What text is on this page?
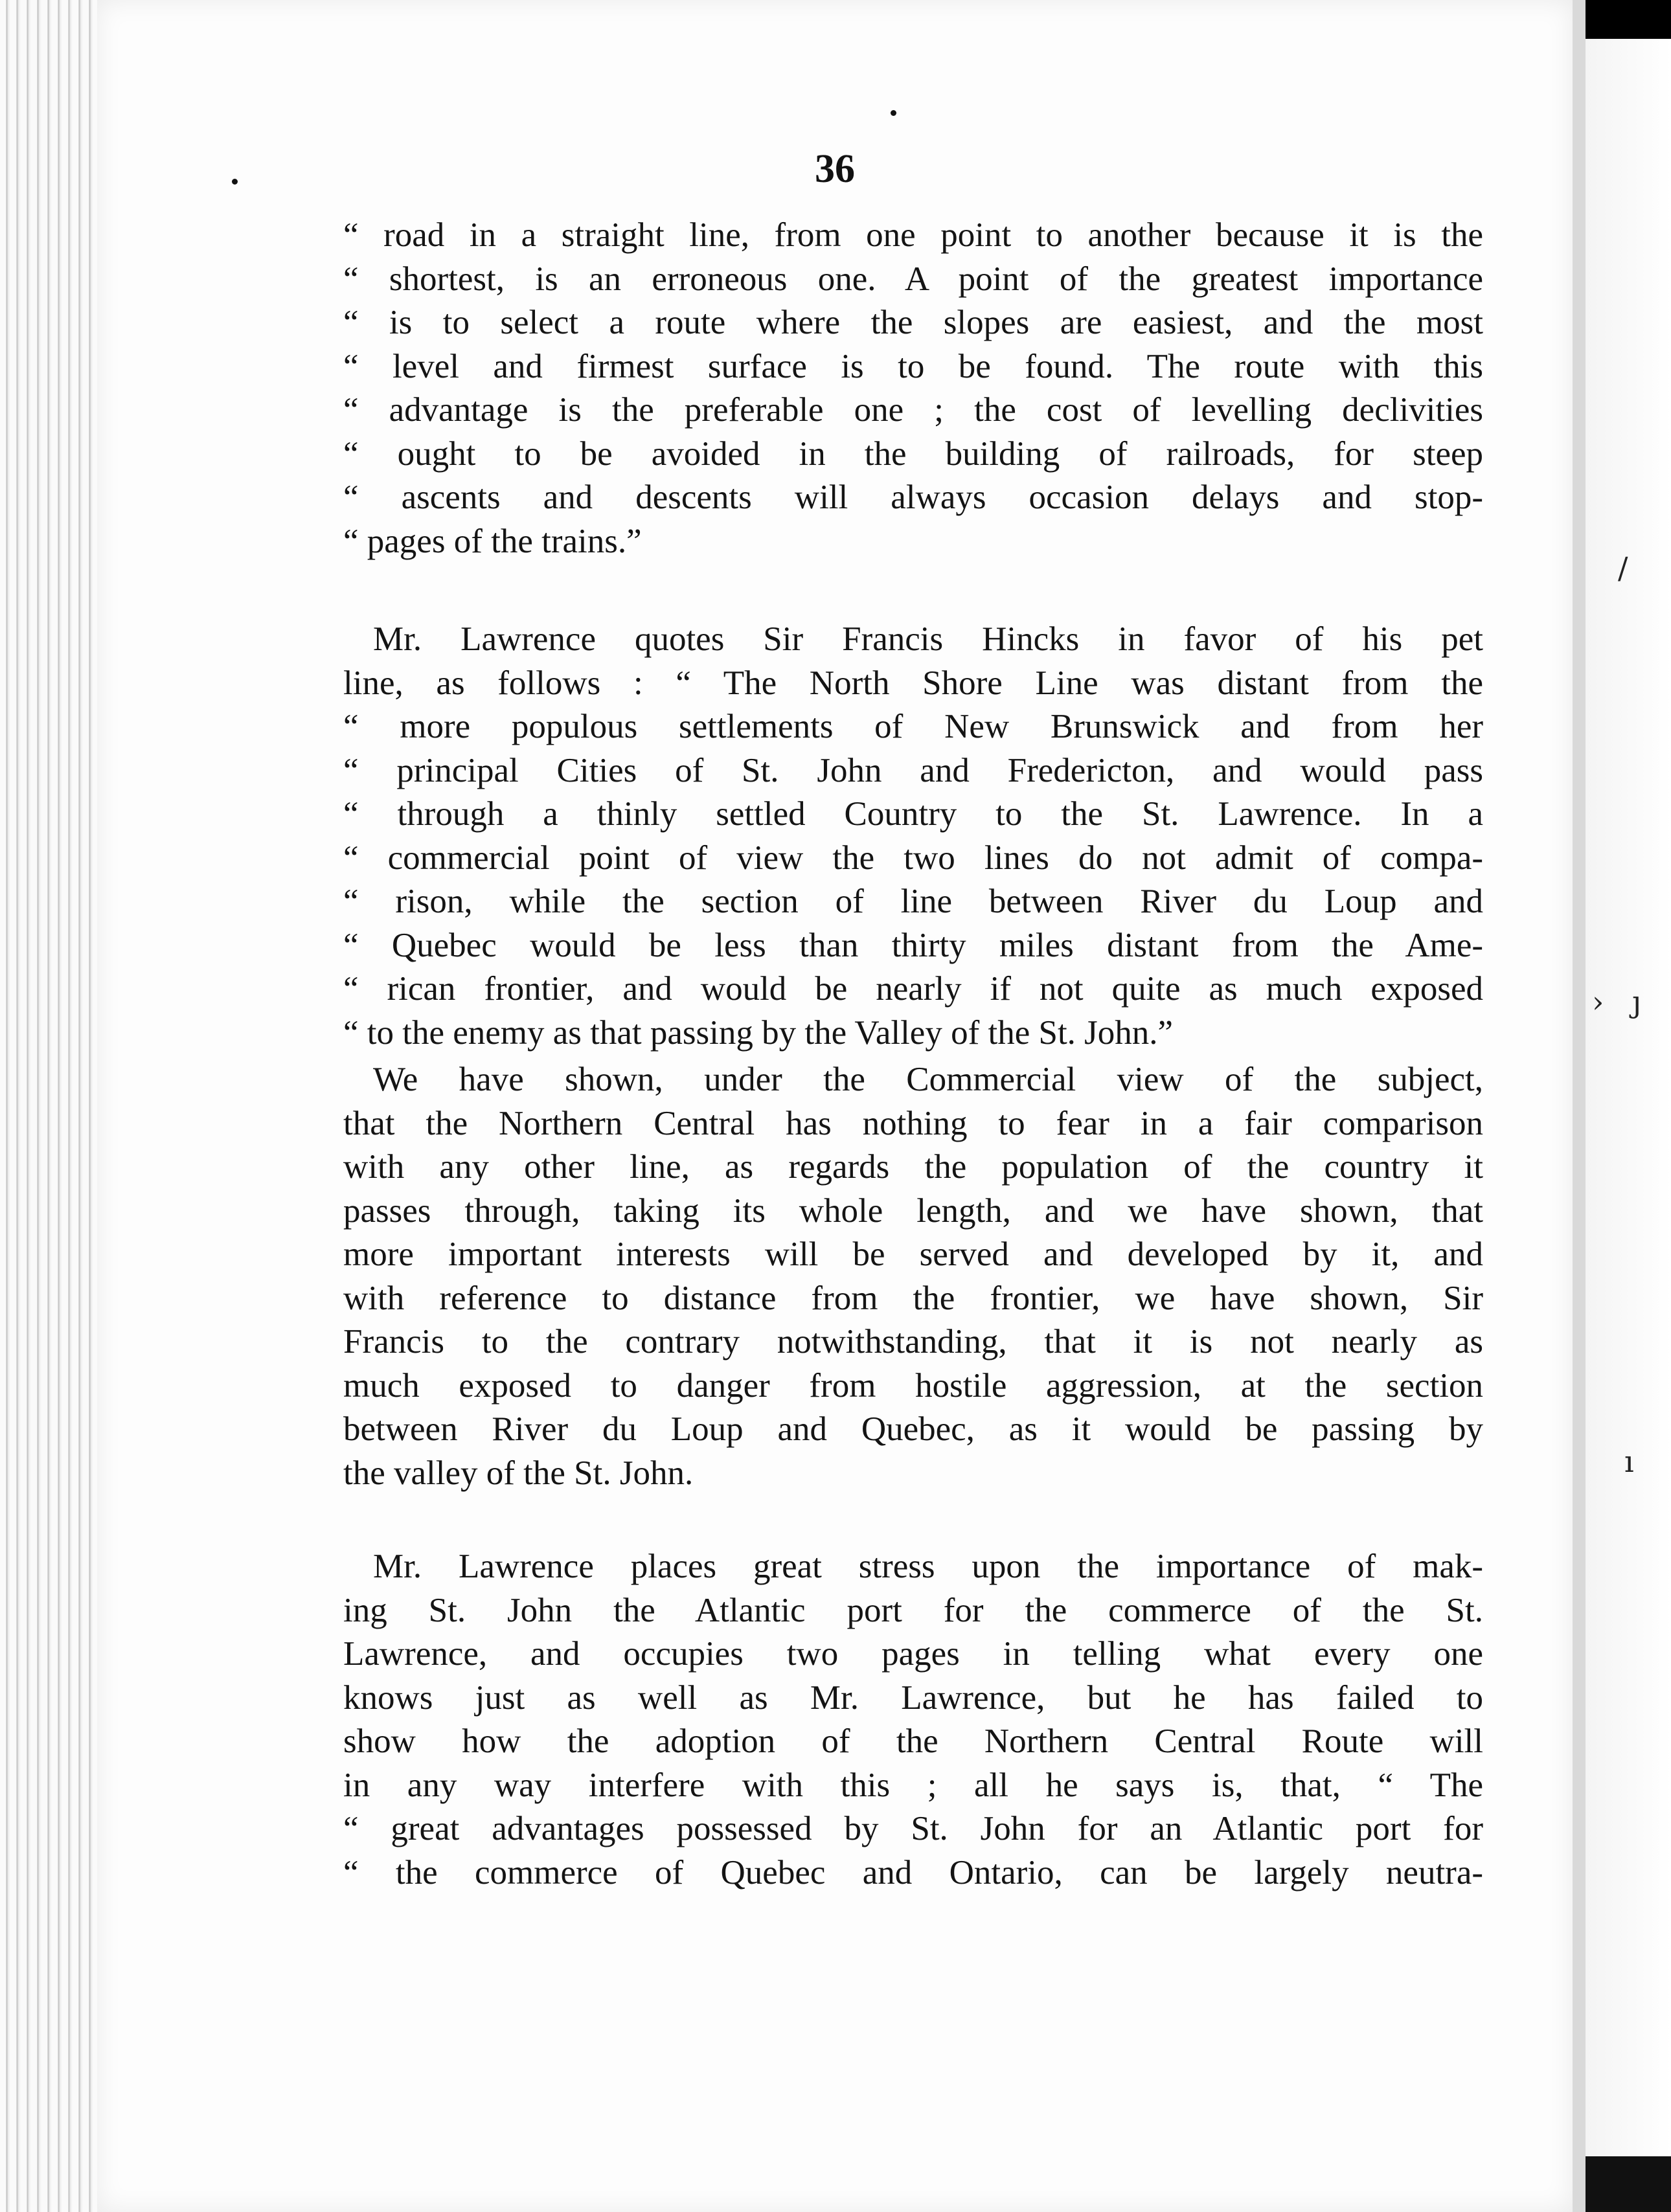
36
“ road in a straight line, from one point to another because it is the
“ shortest, is an erroneous one. A point of the greatest importance
“ is to select a route where the slopes are easiest, and the most
“ level and firmest surface is to be found. The route with this
“ advantage is the preferable one ; the cost of levelling declivities
“ ought to be avoided in the building of railroads, for steep
“ ascents and descents will always occasion delays and stop-
“ pages of the trains.”
Mr. Lawrence quotes Sir Francis Hincks in favor of his pet
line, as follows : “ The North Shore Line was distant from the
“ more populous settlements of New Brunswick and from her
“ principal Cities of St. John and Fredericton, and would pass
“ through a thinly settled Country to the St. Lawrence. In a
“ commercial point of view the two lines do not admit of compa-
“ rison, while the section of line between River du Loup and
“ Quebec would be less than thirty miles distant from the Ame-
“ rican frontier, and would be nearly if not quite as much exposed
“ to the enemy as that passing by the Valley of the St. John.”
We have shown, under the Commercial view of the subject,
that the Northern Central has nothing to fear in a fair comparison
with any other line, as regards the population of the country it
passes through, taking its whole length, and we have shown, that
more important interests will be served and developed by it, and
with reference to distance from the frontier, we have shown, Sir
Francis to the contrary notwithstanding, that it is not nearly as
much exposed to danger from hostile aggression, at the section
between River du Loup and Quebec, as it would be passing by
the valley of the St. John.
Mr. Lawrence places great stress upon the importance of mak-
ing St. John the Atlantic port for the commerce of the St.
Lawrence, and occupies two pages in telling what every one
knows just as well as Mr. Lawrence, but he has failed to
show how the adoption of the Northern Central Route will
in any way interfere with this ; all he says is, that, “ The
“ great advantages possessed by St. John for an Atlantic port for
“ the commerce of Quebec and Ontario, can be largely neutra-
/
› ȷ
ı
